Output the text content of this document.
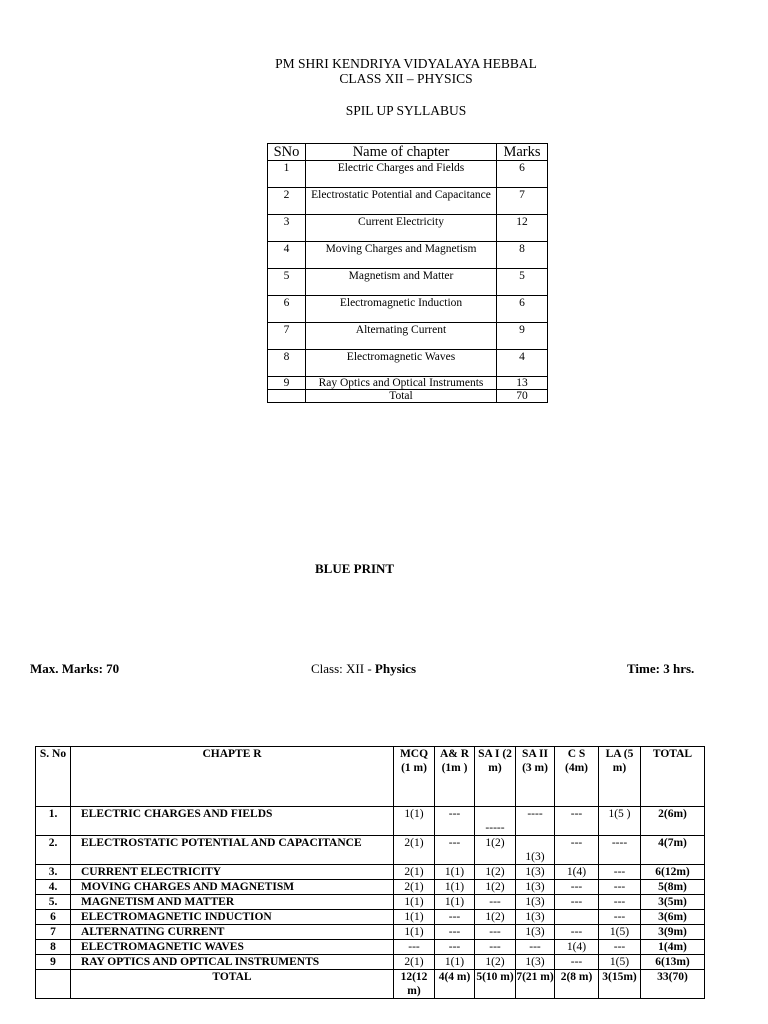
PM SHRI KENDRIYA VIDYALAYA HEBBAL
CLASS XII – PHYSICS
SPIL UP SYLLABUS
SNo	Name of chapter	Marks
1	Electric Charges and Fields	6
2	Electrostatic Potential and Capacitance	7
3	Current Electricity	12
4	Moving Charges and Magnetism	8
5	Magnetism and Matter	5
6	Electromagnetic Induction	6
7	Alternating Current	9
8	Electromagnetic Waves	4
9	Ray Optics and Optical Instruments	13
	Total	70
BLUE PRINT
Max. Marks: 70	Class: XII - Physics	Time: 3 hrs.
S. No	CHAPTE R	MCQ (1 m)	A& R (1m )	SA I (2 m)	SA II (3 m)	C S (4m)	LA (5 m)	TOTAL
1.	ELECTRIC CHARGES AND FIELDS	1(1)	---	-----	----	---	1(5 )	2(6m)
2.	ELECTROSTATIC POTENTIAL AND CAPACITANCE	2(1)	---	1(2)	1(3)	---	----	4(7m)
3.	CURRENT ELECTRICITY	2(1)	1(1)	1(2)	1(3)	1(4)	---	6(12m)
4.	MOVING CHARGES AND MAGNETISM	2(1)	1(1)	1(2)	1(3)	---	---	5(8m)
5.	MAGNETISM AND MATTER	1(1)	1(1)	---	1(3)	---	---	3(5m)
6	ELECTROMAGNETIC INDUCTION	1(1)	---	1(2)	1(3)		---	3(6m)
7	ALTERNATING CURRENT	1(1)	---	---	1(3)	---	1(5)	3(9m)
8	ELECTROMAGNETIC WAVES	---	---	---	---	1(4)	---	1(4m)
9	RAY OPTICS AND OPTICAL INSTRUMENTS	2(1)	1(1)	1(2)	1(3)	---	1(5)	6(13m)
	TOTAL	12(12 m)	4(4 m)	5(10 m)	7(21 m)	2(8 m)	3(15m)	33(70)
